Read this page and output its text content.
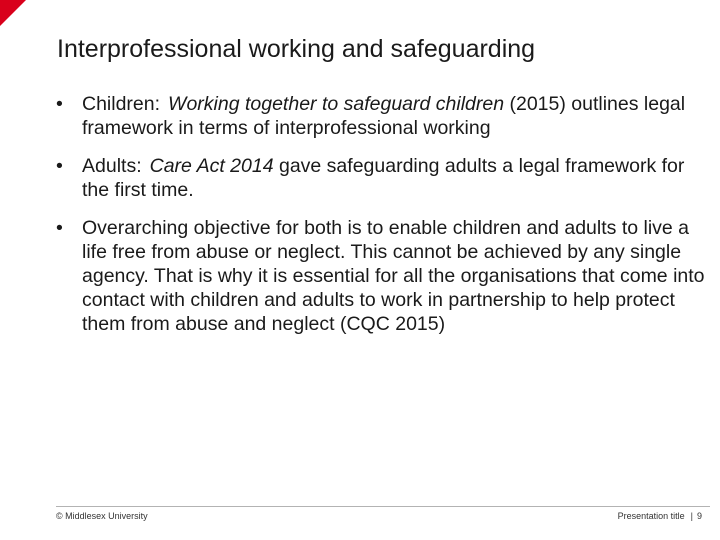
Interprofessional working and safeguarding
• Children: Working together to safeguard children (2015) outlines legal framework in terms of interprofessional working
• Adults: Care Act 2014 gave safeguarding adults a legal framework for the first time.
• Overarching objective for both is to enable children and adults to live a life free from abuse or neglect. This cannot be achieved by any single agency. That is why it is essential for all the organisations that come into contact with children and adults to work in partnership to help protect them from abuse and neglect (CQC 2015)
© Middlesex University	Presentation title | 9
